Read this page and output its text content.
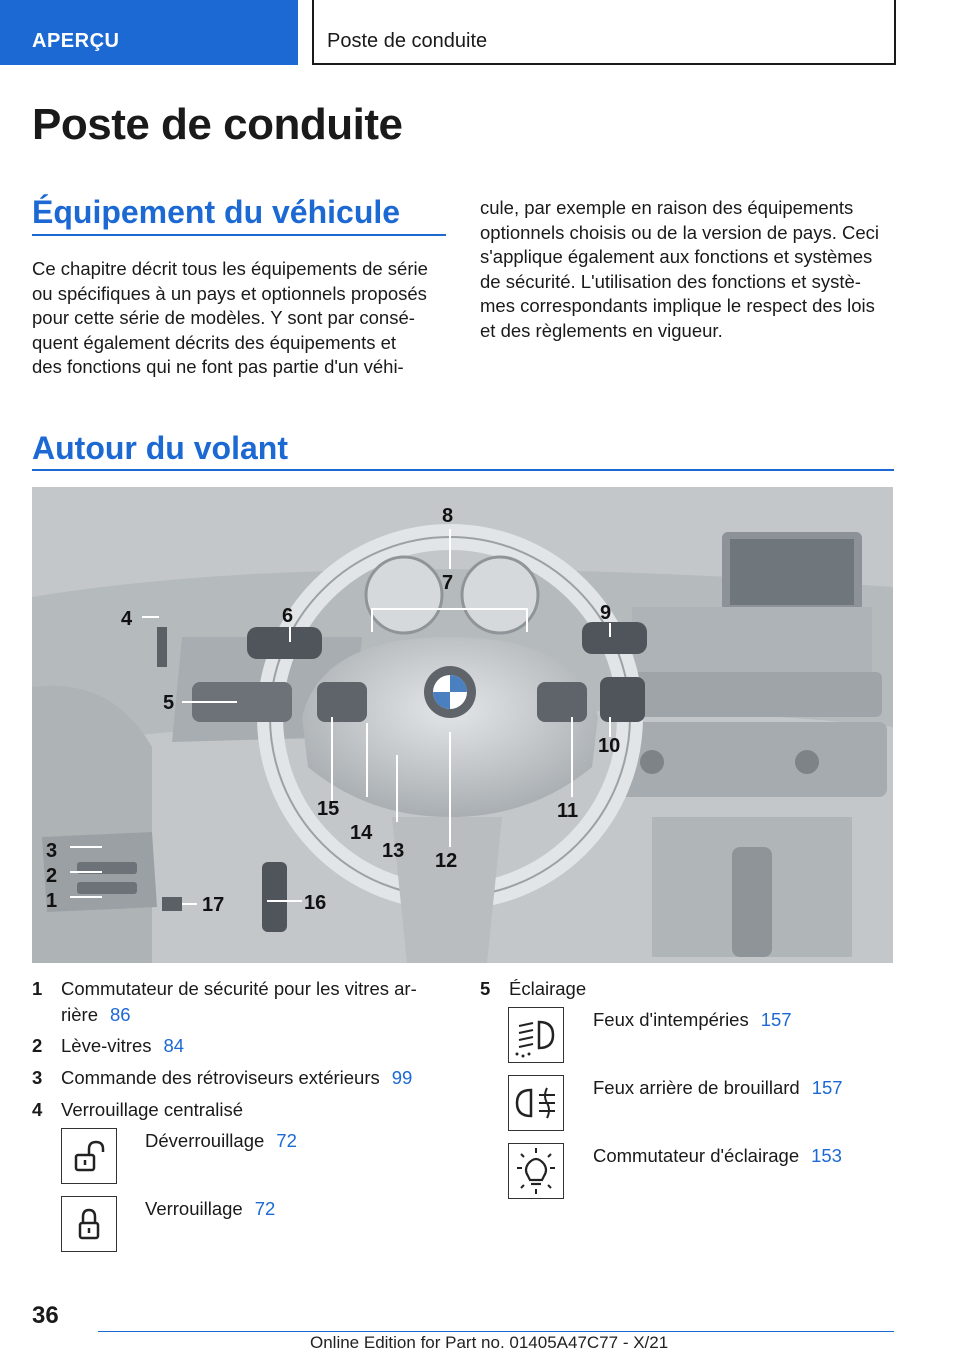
APERÇU	Poste de conduite
Poste de conduite
Équipement du véhicule
Ce chapitre décrit tous les équipements de série
ou spécifiques à un pays et optionnels proposés
pour cette série de modèles. Y sont par consé-
quent également décrits des équipements et
des fonctions qui ne font pas partie d'un véhi-
cule, par exemple en raison des équipements
optionnels choisis ou de la version de pays. Ceci
s'applique également aux fonctions et systèmes
de sécurité. L'utilisation des fonctions et systè-
mes correspondants implique le respect des lois
et des règlements en vigueur.
Autour du volant
1
2
3
4
5
6
7
8
9
10
11
12
13
14
15
16
17
1 Commutateur de sécurité pour les vitres ar-
rière 86
2 Lève-vitres 84
3 Commande des rétroviseurs extérieurs 99
4 Verrouillage centralisé
Déverrouillage 72
Verrouillage 72
5 Éclairage
Feux d'intempéries 157
Feux arrière de brouillard 157
Commutateur d'éclairage 153
36
Online Edition for Part no. 01405A47C77 - X/21
